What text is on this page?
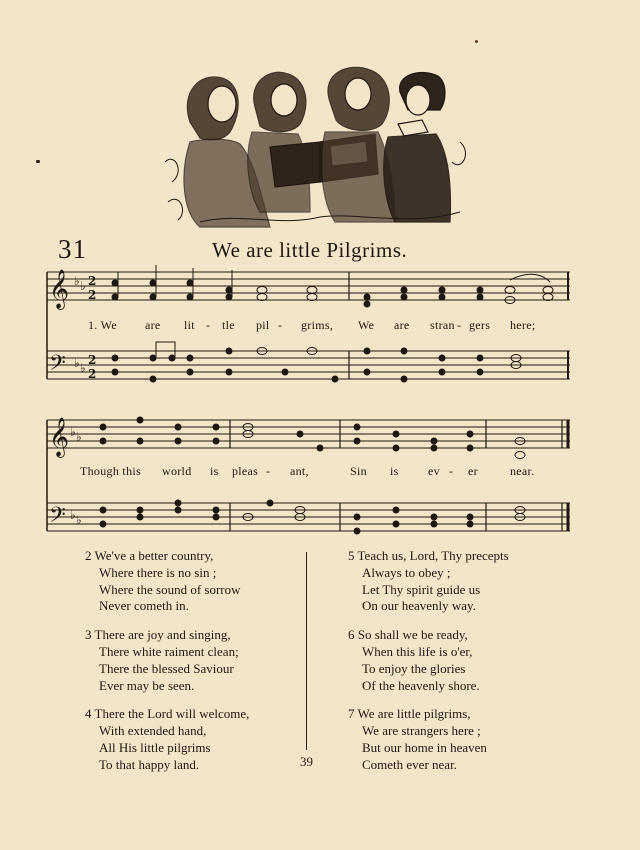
31	We are little Pilgrims.
𝄞
𝄢
𝄞
𝄢
♭ ♭
♭ ♭
♭ ♭
♭ ♭
2
2
2
2
1. We are lit - tle pil - grims, We are stran - gers here;
Though this world is pleas - ant,	Sin is ev - er	near.
2 We've a better country,
Where there is no sin ;
Where the sound of sorrow
Never cometh in.
3 There are joy and singing,
There white raiment clean;
There the blessed Saviour
Ever may be seen.
4 There the Lord will welcome,
With extended hand,
All His little pilgrims
To that happy land.
5 Teach us, Lord, Thy precepts
Always to obey ;
Let Thy spirit guide us
On our heavenly way.
6 So shall we be ready,
When this life is o'er,
To enjoy the glories
Of the heavenly shore.
7 We are little pilgrims,
We are strangers here ;
But our home in heaven
Cometh ever near.
39
